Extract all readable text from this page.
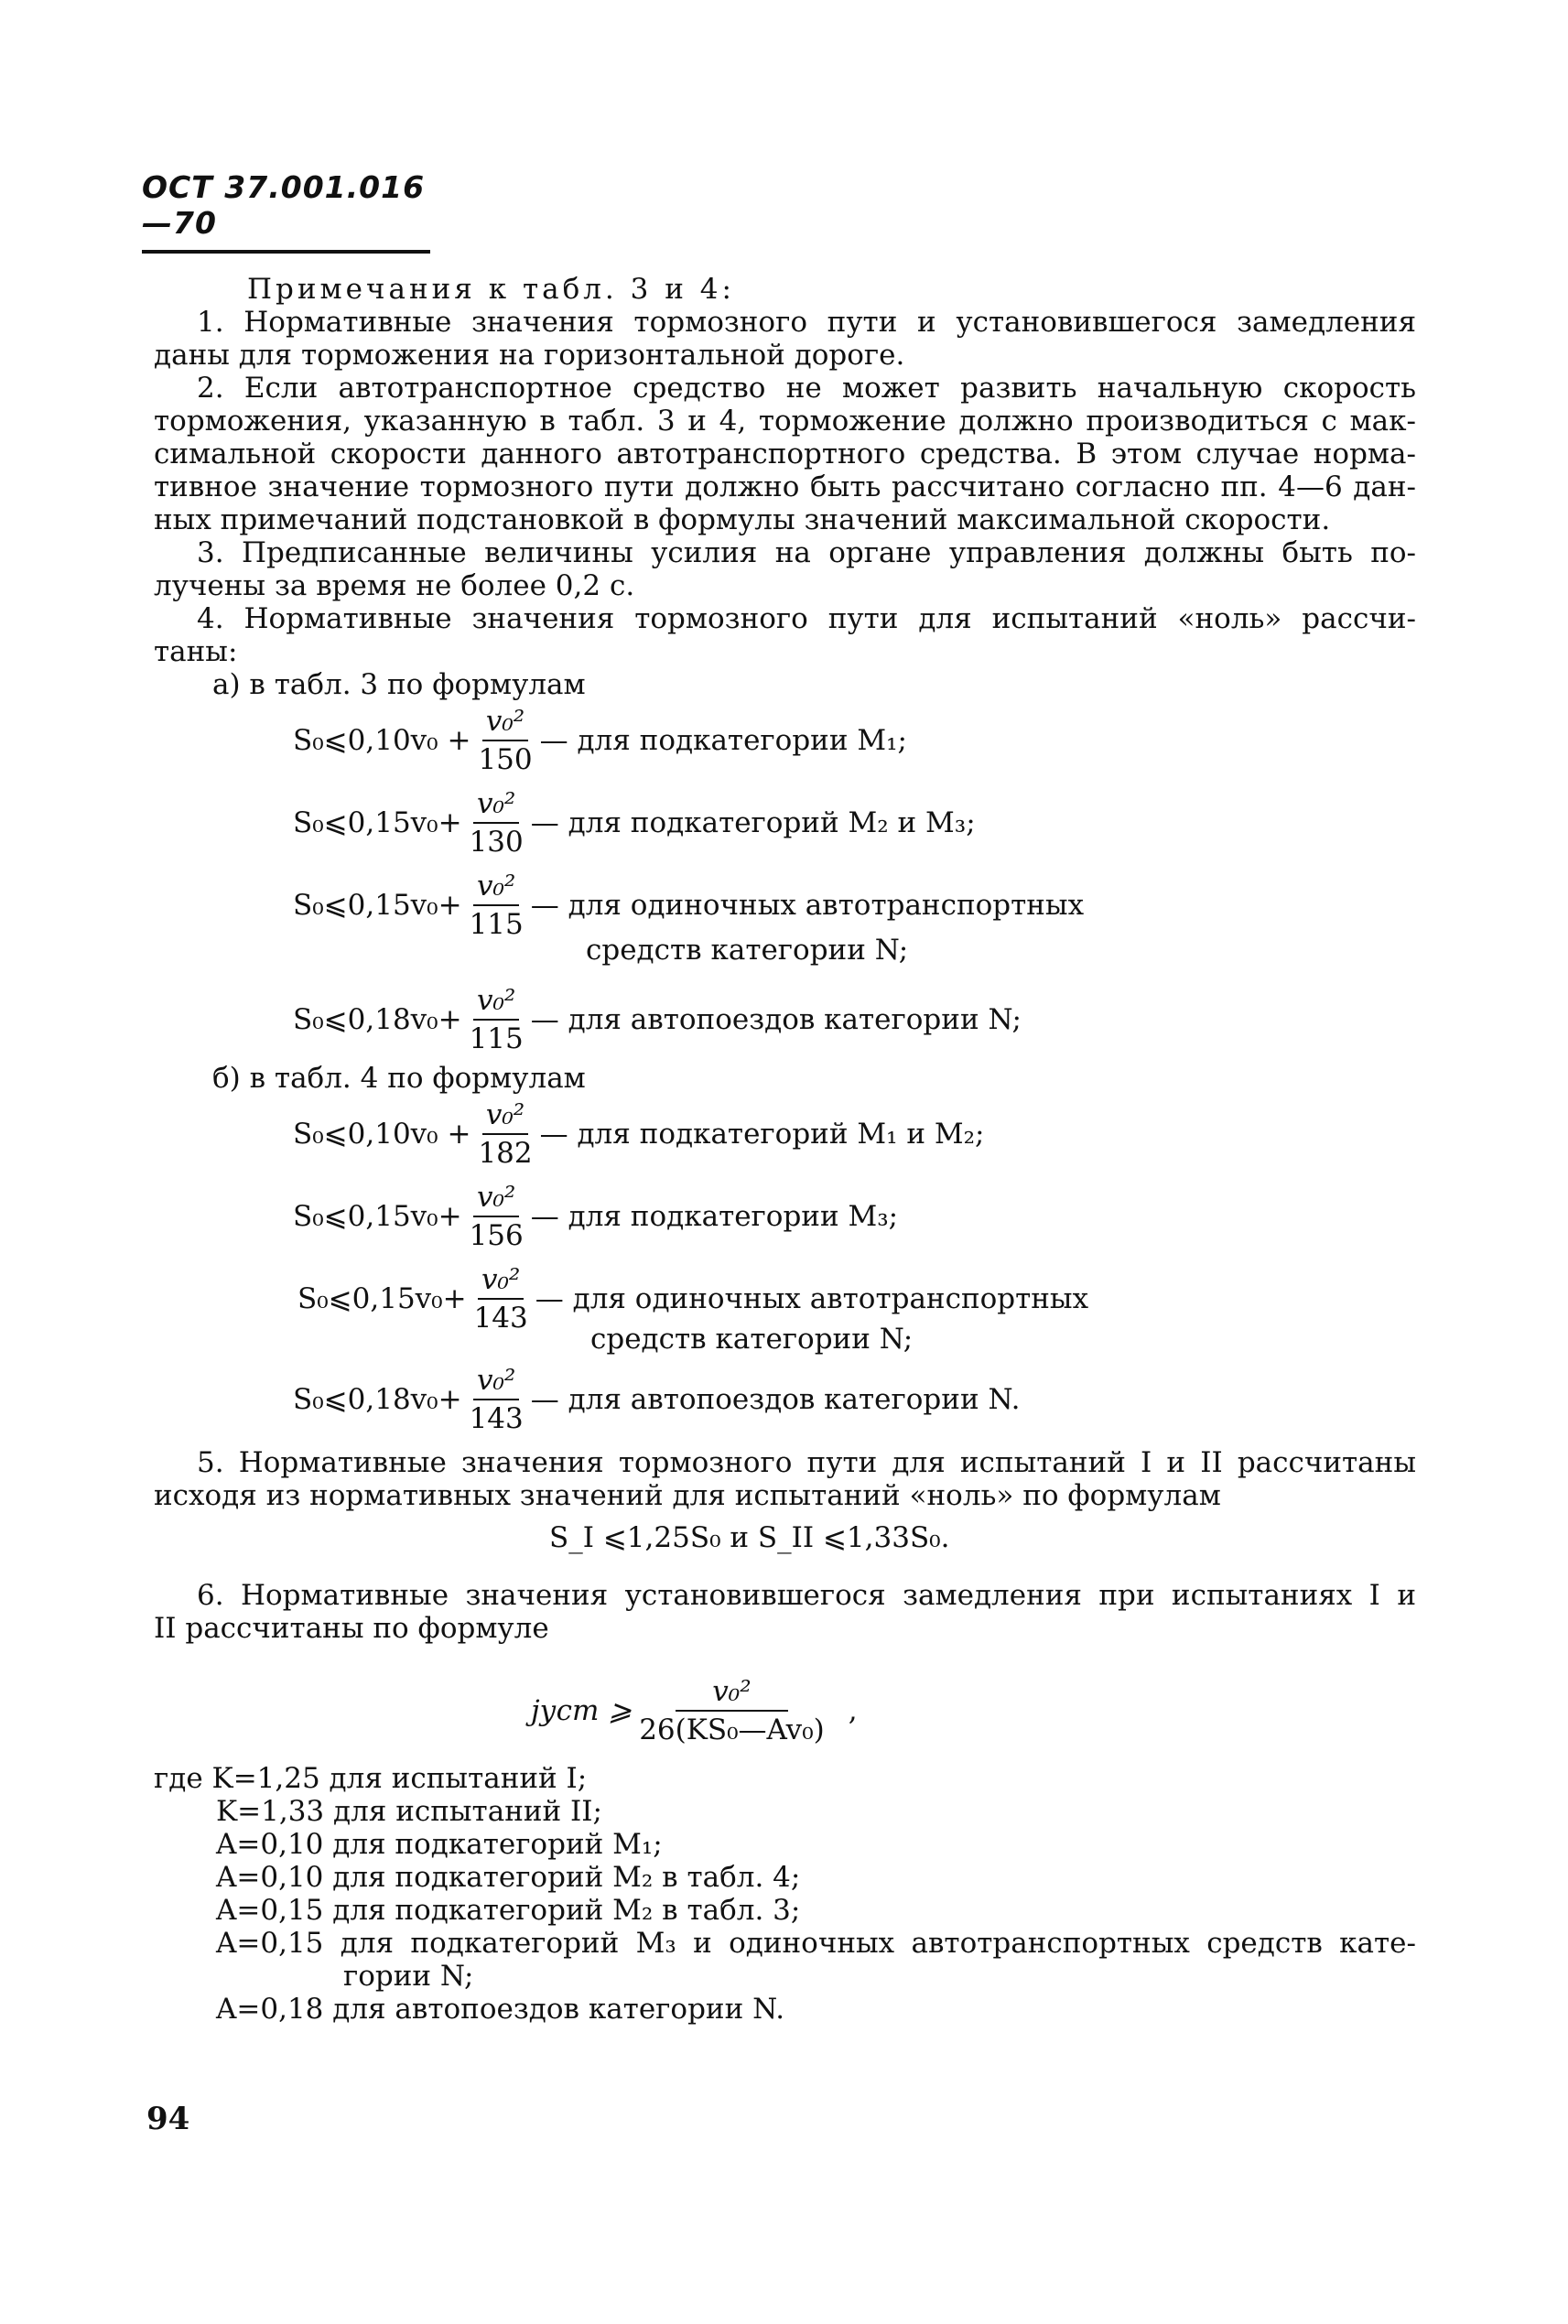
ОСТ 37.001.016—70
Примечания к табл. 3 и 4:
1. Нормативные значения тормозного пути и установившегося замедления
даны для торможения на горизонтальной дороге.
2. Если автотранспортное средство не может развить начальную скорость
торможения, указанную в табл. 3 и 4, торможение должно производиться с мак-
симальной скорости данного автотранспортного средства. В этом случае норма-
тивное значение тормозного пути должно быть рассчитано согласно пп. 4—6 дан-
ных примечаний подстановкой в формулы значений максимальной скорости.
3. Предписанные величины усилия на органе управления должны быть по-
лучены за время не более 0,2 с.
4. Нормативные значения тормозного пути для испытаний «ноль» рассчи-
таны:
а) в табл. 3 по формулам
S₀⩽0,10v₀ + $\frac{\text{v₀²}}{150}$ — для подкатегории M₁;
S₀⩽0,15v₀+ $\frac{\text{v₀²}}{130}$ — для подкатегорий M₂ и M₃;
S₀⩽0,15v₀+ $\frac{\text{v₀²}}{115}$ — для одиночных автотранспортных
средств категории N;
S₀⩽0,18v₀+ $\frac{\text{v₀²}}{115}$ — для автопоездов категории N;
б) в табл. 4 по формулам
S₀⩽0,10v₀ + $\frac{\text{v₀²}}{182}$ — для подкатегорий M₁ и M₂;
S₀⩽0,15v₀+ $\frac{\text{v₀²}}{156}$ — для подкатегории M₃;
S₀⩽0,15v₀+ $\frac{\text{v₀²}}{143}$ — для одиночных автотранспортных
средств категории N;
S₀⩽0,18v₀+ $\frac{\text{v₀²}}{143}$ — для автопоездов категории N.
5. Нормативные значения тормозного пути для испытаний I и II рассчитаны
исходя из нормативных значений для испытаний «ноль» по формулам
S_I ⩽1,25S₀ и S_II ⩽1,33S₀.
6. Нормативные значения установившегося замедления при испытаниях I и
II рассчитаны по формуле
jуст ⩾ $\frac{\text{v₀²}}{\text{26(KS₀—Av₀)}}$ ,
где K=1,25 для испытаний I;
K=1,33 для испытаний II;
A=0,10 для подкатегорий M₁;
A=0,10 для подкатегорий M₂ в табл. 4;
A=0,15 для подкатегорий M₂ в табл. 3;
A=0,15 для подкатегорий M₃ и одиночных автотранспортных средств кате-
гории N;
A=0,18 для автопоездов категории N.
94
